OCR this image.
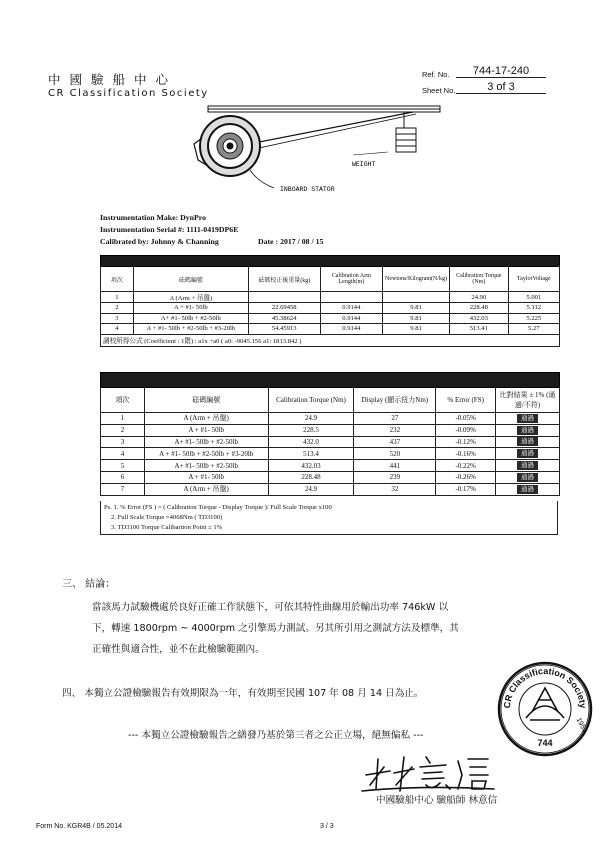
中國驗船中心
CR Classification Society
Ref. No.	744-17-240
Sheet No.	3 of 3
WEIGHT
INBOARD STATOR
Instrumentation Make: DynPro
Instrumentation Serial #: 1111-0419DP6E
Calibrated by: Johnny & Channing	Date : 2017 / 08 / 15

項次	砝碼編號	砝碼校正後重量(kg)	Calibration Arm Length(m)	Newtons/Kilogram(N/kg)	Calibration Torque (Nm)	TaylorVoltage
1	A (Arm + 吊盤)				24.90	5.001
2	A + #1- 50lb	22.69458	0.9144	9.81	228.48	5.112
3	A+ #1- 50lb + #2-50lb	45.38624	0.9144	9.81	432.03	5.225
4	A + #1- 50lb + #2-50lb + #3-20lb	54.45913	0.9144	9.81	513.41	5.27
調校所得公式 (Coefficient : 1階) : a1x +a0 ( a0: -9045.156 a1: 1813.842 )						

項次	砝碼編號	Calibration Torque (Nm)	Display (顯示扭力Nm)	% Error (FS)	比對結果 ± 1% (通過/不符)
1	A (Arm + 吊盤)	24.9	27	-0.05%	通過
2	A + #1- 50lb	228.5	232	-0.09%	通過
3	A+ #1- 50lb + #2-50lb	432.0	437	-0.12%	通過
4	A + #1- 50lb + #2-50lb + #3-20lb	513.4	520	-0.16%	通過
5	A+ #1- 50lb + #2-50lb	432.03	441	-0.22%	通過
6	A + #1- 50lb	228.48	239	-0.26%	通過
7	A (Arm + 吊盤)	24.9	32	-0.17%	通過
Ps. 1. % Error (FS ) = ( Calibration Torque - Display Torque )/ Full Scale Torque x100
2. Full Scale Torque =4068Nm ( TD3100)
3. TD3100 Torque Calibartion Point ± 1%
三、 結論：
當該馬力試驗機處於良好正確工作狀態下，可依其特性曲線用於輸出功率 746kW 以
下，轉速 1800rpm ~ 4000rpm 之引擎馬力測試。另其所引用之測試方法及標準，其
正確性與適合性，並不在此檢驗範圍內。
四、 本獨立公證檢驗報告有效期限為一年，有效期至民國 107 年 08 月 14 日為止。
--- 本獨立公證檢驗報告之繕發乃基於第三者之公正立場，絕無偏私 ---
中國驗船中心 驗船師 林意信
CR Classification Society
744
1951
Form No. KGR4B / 05.2014	3 / 3
